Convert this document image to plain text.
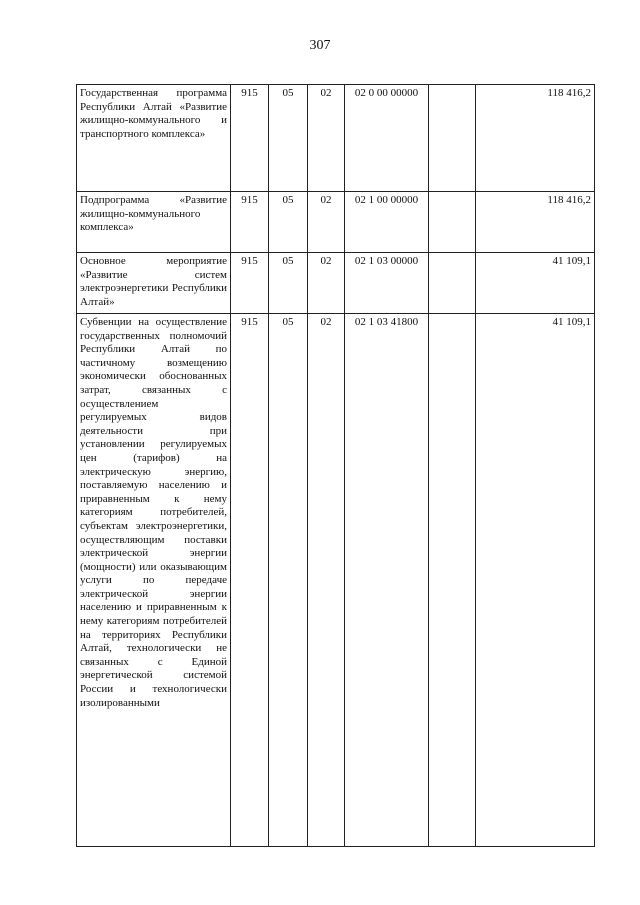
307
Государственная программа Республики Алтай «Развитие жилищно-коммунального и транспортного комплекса»	915	05	02	02 0 00 00000		118 416,2
Подпрограмма «Развитие жилищно-коммунального комплекса»	915	05	02	02 1 00 00000		118 416,2
Основное мероприятие «Развитие систем электроэнергетики Республики Алтай»	915	05	02	02 1 03 00000		41 109,1
Субвенции на осуществление государственных полномочий Республики Алтай по частичному возмещению экономически обоснованных затрат, связанных с осуществлением регулируемых видов деятельности при установлении регулируемых цен (тарифов) на электрическую энергию, поставляемую населению и приравненным к нему категориям потребителей, субъектам электроэнергетики, осуществляющим поставки электрической энергии (мощности) или оказывающим услуги по передаче электрической энергии населению и приравненным к нему категориям потребителей на территориях Республики Алтай, технологически не связанных с Единой энергетической системой России и технологически изолированными	915	05	02	02 1 03 41800		41 109,1
